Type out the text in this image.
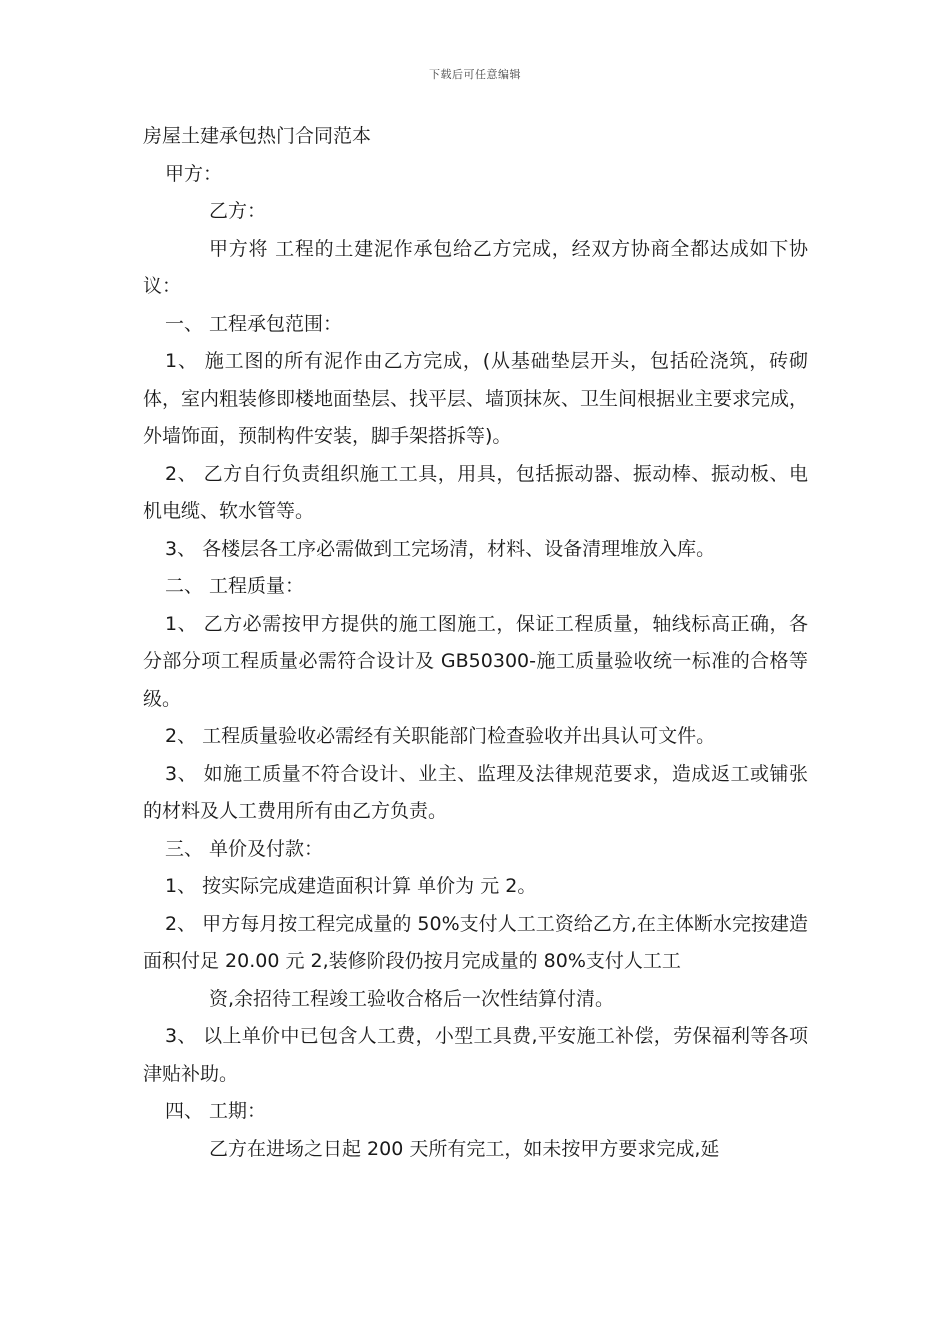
下载后可任意编辑

房屋土建承包热门合同范本

甲方：

乙方：

甲方将 工程的土建泥作承包给乙方完成，经双方协商全都达成如下协议：

一、 工程承包范围：

1、 施工图的所有泥作由乙方完成，(从基础垫层开头，包括砼浇筑，砖砌体，室内粗装修即楼地面垫层、找平层、墙顶抹灰、卫生间根据业主要求完成，外墙饰面，预制构件安装，脚手架搭拆等)。

2、 乙方自行负责组织施工工具，用具，包括振动器、振动棒、振动板、电机电缆、软水管等。

3、 各楼层各工序必需做到工完场清，材料、设备清理堆放入库。

二、 工程质量：

1、 乙方必需按甲方提供的施工图施工，保证工程质量，轴线标高正确，各分部分项工程质量必需符合设计及 GB50300-施工质量验收统一标准的合格等级。

2、 工程质量验收必需经有关职能部门检查验收并出具认可文件。

3、 如施工质量不符合设计、业主、监理及法律规范要求，造成返工或铺张的材料及人工费用所有由乙方负责。

三、 单价及付款：

1、 按实际完成建造面积计算 单价为 元 2。

2、 甲方每月按工程完成量的 50%支付人工工资给乙方,在主体断水完按建造面积付足 20.00 元 2,装修阶段仍按月完成量的 80%支付人工工

资,余招待工程竣工验收合格后一次性结算付清。

3、 以上单价中已包含人工费，小型工具费,平安施工补偿，劳保福利等各项津贴补助。

四、 工期：

乙方在进场之日起 200 天所有完工，如未按甲方要求完成,延
